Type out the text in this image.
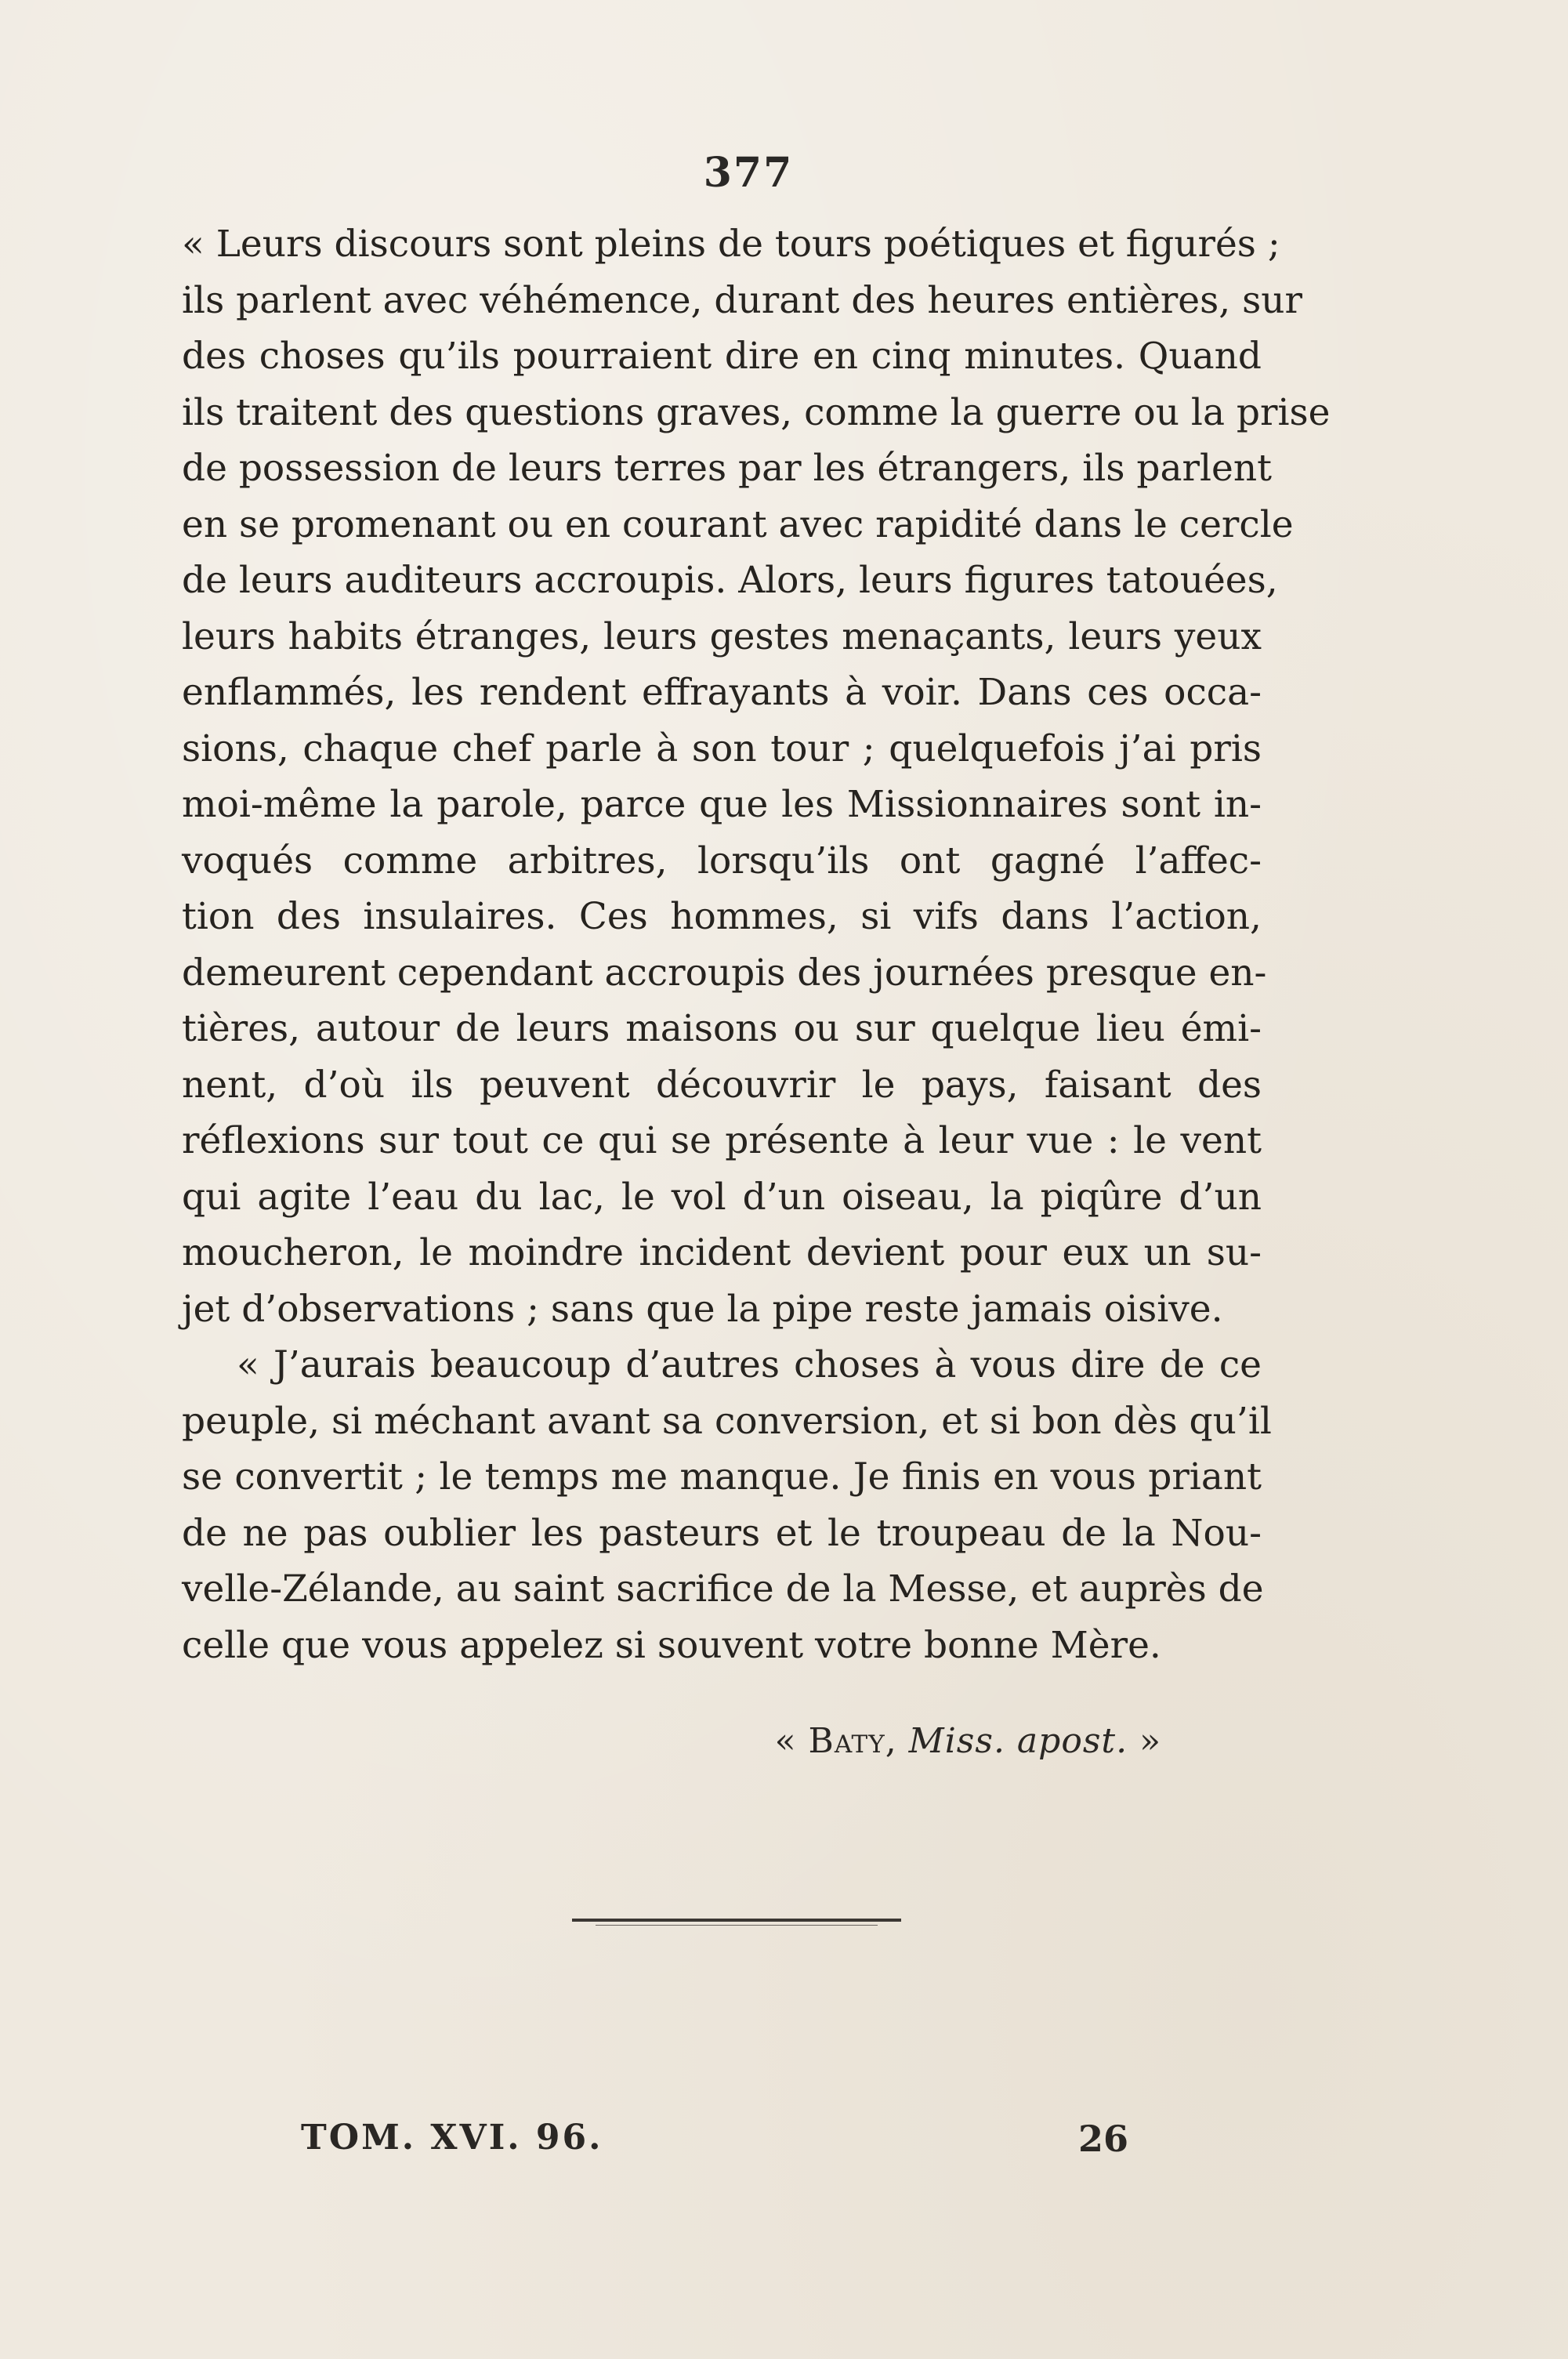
377
« Leurs discours sont pleins de tours poétiques et figurés ;
ils parlent avec véhémence, durant des heures entières, sur
des choses qu’ils pourraient dire en cinq minutes. Quand
ils traitent des questions graves, comme la guerre ou la prise
de possession de leurs terres par les étrangers, ils parlent
en se promenant ou en courant avec rapidité dans le cercle
de leurs auditeurs accroupis. Alors, leurs figures tatouées,
leurs habits étranges, leurs gestes menaçants, leurs yeux
enflammés, les rendent effrayants à voir. Dans ces occa-
sions, chaque chef parle à son tour ; quelquefois j’ai pris
moi-même la parole, parce que les Missionnaires sont in-
voqués comme arbitres, lorsqu’ils ont gagné l’affec-
tion des insulaires. Ces hommes, si vifs dans l’action,
demeurent cependant accroupis des journées presque en-
tières, autour de leurs maisons ou sur quelque lieu émi-
nent, d’où ils peuvent découvrir le pays, faisant des
réflexions sur tout ce qui se présente à leur vue : le vent
qui agite l’eau du lac, le vol d’un oiseau, la piqûre d’un
moucheron, le moindre incident devient pour eux un su-
jet d’observations ; sans que la pipe reste jamais oisive.
« J’aurais beaucoup d’autres choses à vous dire de ce
peuple, si méchant avant sa conversion, et si bon dès qu’il
se convertit ; le temps me manque. Je finis en vous priant
de ne pas oublier les pasteurs et le troupeau de la Nou-
velle-Zélande, au saint sacrifice de la Messe, et auprès de
celle que vous appelez si souvent votre bonne Mère.
« Baty, Miss. apost. »
TOM. XVI. 96.	26
